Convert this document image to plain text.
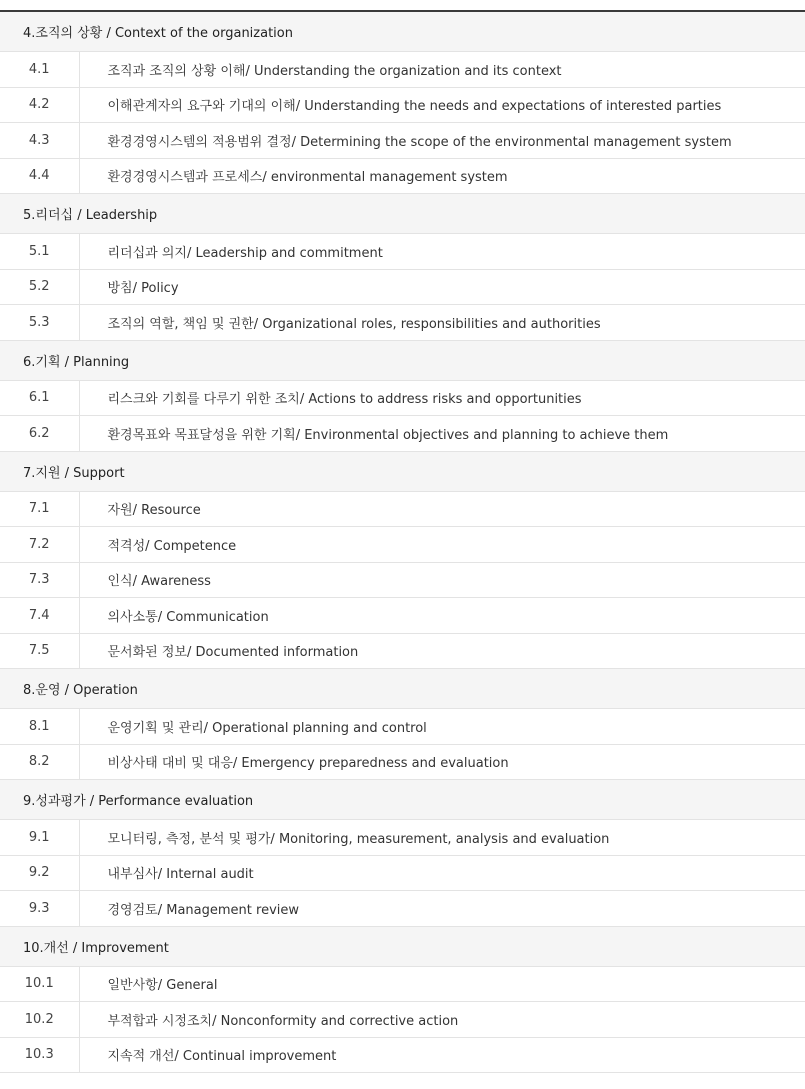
4.조직의 상황 / Context of the organization	
4.1	조직과 조직의 상황 이해/ Understanding the organization and its context
4.2	이해관계자의 요구와 기대의 이해/ Understanding the needs and expectations of interested parties
4.3	환경경영시스템의 적용범위 결정/ Determining the scope of the environmental management system
4.4	환경경영시스템과 프로세스/ environmental management system
5.리더십 / Leadership	
5.1	리더십과 의지/ Leadership and commitment
5.2	방침/ Policy
5.3	조직의 역할, 책임 및 권한/ Organizational roles, responsibilities and authorities
6.기획 / Planning	
6.1	리스크와 기회를 다루기 위한 조치/ Actions to address risks and opportunities
6.2	환경목표와 목표달성을 위한 기획/ Environmental objectives and planning to achieve them
7.지원 / Support	
7.1	자원/ Resource
7.2	적격성/ Competence
7.3	인식/ Awareness
7.4	의사소통/ Communication
7.5	문서화된 정보/ Documented information
8.운영 / Operation	
8.1	운영기획 및 관리/ Operational planning and control
8.2	비상사태 대비 및 대응/ Emergency preparedness and evaluation
9.성과평가 / Performance evaluation	
9.1	모니터링, 측정, 분석 및 평가/ Monitoring, measurement, analysis and evaluation
9.2	내부심사/ Internal audit
9.3	경영검토/ Management review
10.개선 / Improvement	
10.1	일반사항/ General
10.2	부적합과 시정조치/ Nonconformity and corrective action
10.3	지속적 개선/ Continual improvement
